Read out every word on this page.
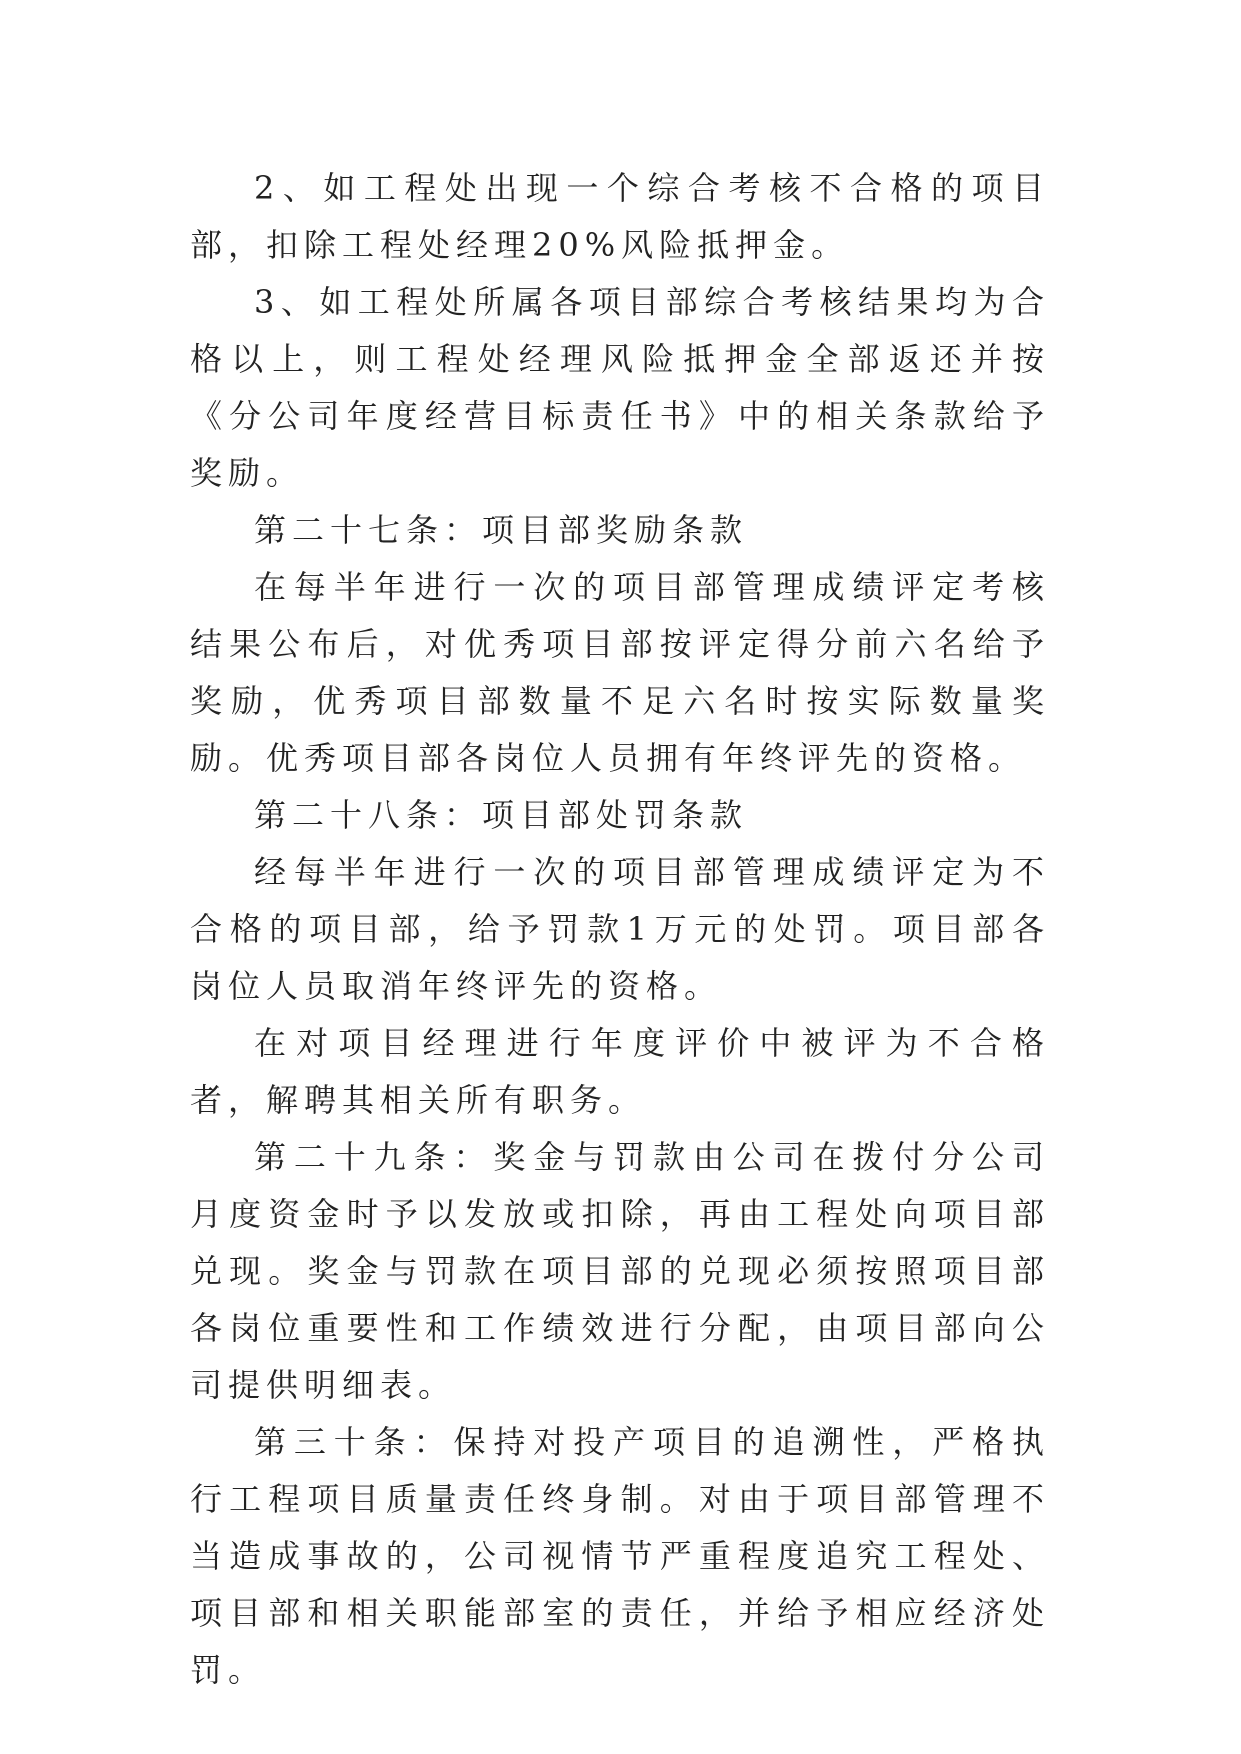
2、如工程处出现一个综合考核不合格的项目部，扣除工程处经理20%风险抵押金。

3、如工程处所属各项目部综合考核结果均为合格以上，则工程处经理风险抵押金全部返还并按《分公司年度经营目标责任书》中的相关条款给予奖励。

第二十七条：项目部奖励条款

在每半年进行一次的项目部管理成绩评定考核结果公布后，对优秀项目部按评定得分前六名给予奖励，优秀项目部数量不足六名时按实际数量奖励。优秀项目部各岗位人员拥有年终评先的资格。

第二十八条：项目部处罚条款

经每半年进行一次的项目部管理成绩评定为不合格的项目部，给予罚款1万元的处罚。项目部各岗位人员取消年终评先的资格。

在对项目经理进行年度评价中被评为不合格者，解聘其相关所有职务。

第二十九条：奖金与罚款由公司在拨付分公司月度资金时予以发放或扣除，再由工程处向项目部兑现。奖金与罚款在项目部的兑现必须按照项目部各岗位重要性和工作绩效进行分配，由项目部向公司提供明细表。

第三十条：保持对投产项目的追溯性，严格执行工程项目质量责任终身制。对由于项目部管理不当造成事故的，公司视情节严重程度追究工程处、项目部和相关职能部室的责任，并给予相应经济处罚。
